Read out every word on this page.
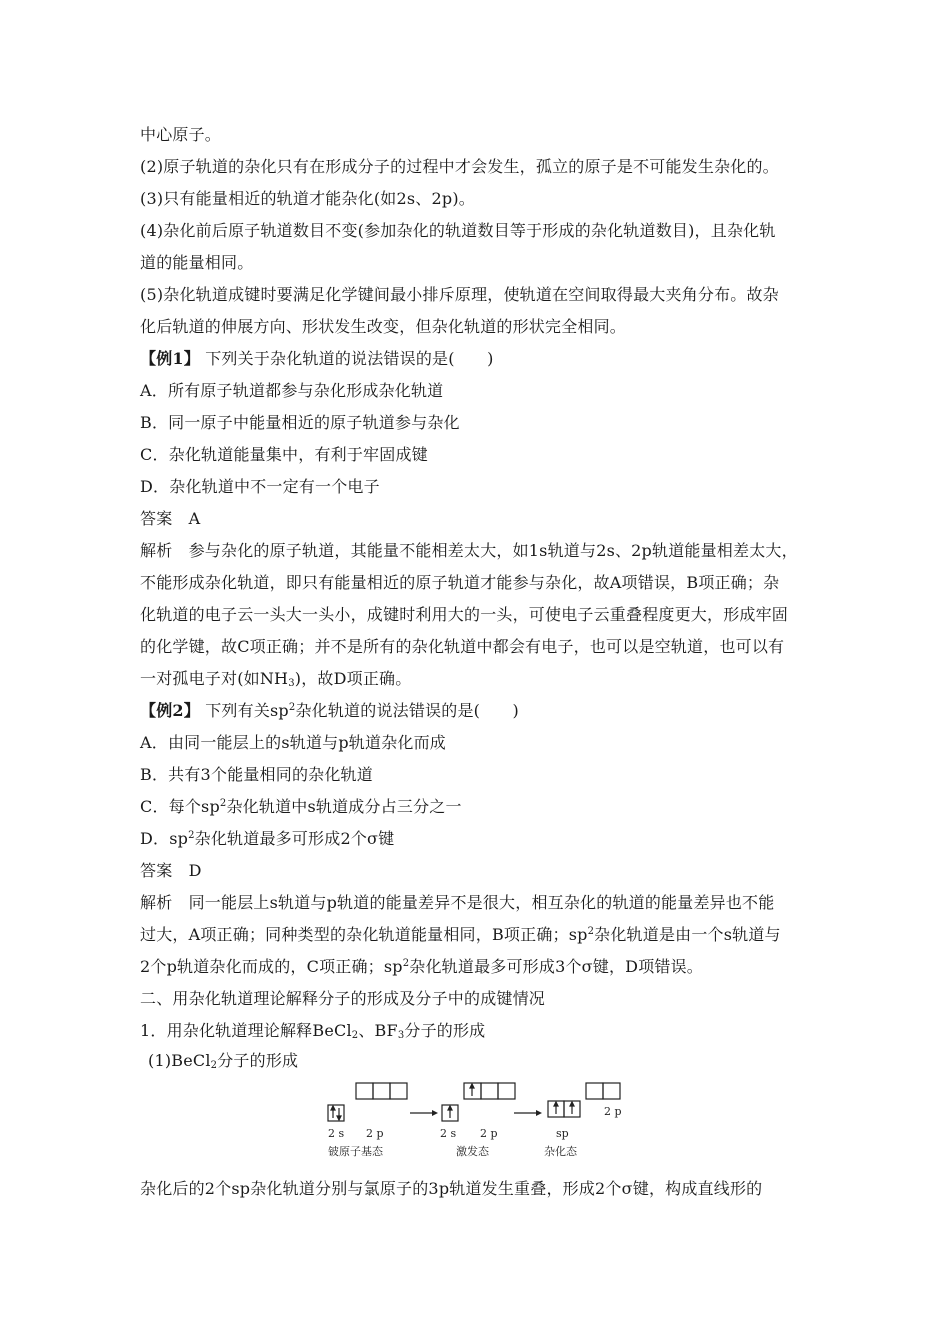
中心原子。
(2)原子轨道的杂化只有在形成分子的过程中才会发生，孤立的原子是不可能发生杂化的。
(3)只有能量相近的轨道才能杂化(如2s、2p)。
(4)杂化前后原子轨道数目不变(参加杂化的轨道数目等于形成的杂化轨道数目)，且杂化轨
道的能量相同。
(5)杂化轨道成键时要满足化学键间最小排斥原理，使轨道在空间取得最大夹角分布。故杂
化后轨道的伸展方向、形状发生改变，但杂化轨道的形状完全相同。
【例1】 下列关于杂化轨道的说法错误的是(　　)
A．所有原子轨道都参与杂化形成杂化轨道
B．同一原子中能量相近的原子轨道参与杂化
C．杂化轨道能量集中，有利于牢固成键
D．杂化轨道中不一定有一个电子
答案　A
解析　参与杂化的原子轨道，其能量不能相差太大，如1s轨道与2s、2p轨道能量相差太大，
不能形成杂化轨道，即只有能量相近的原子轨道才能参与杂化，故A项错误，B项正确；杂
化轨道的电子云一头大一头小，成键时利用大的一头，可使电子云重叠程度更大，形成牢固
的化学键，故C项正确；并不是所有的杂化轨道中都会有电子，也可以是空轨道，也可以有
一对孤电子对(如$NH_3$)，故D项正确。
【例2】 下列有关$sp^2$杂化轨道的说法错误的是(　　)
A．由同一能层上的s轨道与p轨道杂化而成
B．共有3个能量相同的杂化轨道
C．每个$sp^2$杂化轨道中s轨道成分占三分之一
D．$sp^2$杂化轨道最多可形成2个σ键
答案　D
解析　同一能层上s轨道与p轨道的能量差异不是很大，相互杂化的轨道的能量差异也不能
过大，A项正确；同种类型的杂化轨道能量相同，B项正确；$sp^2$杂化轨道是由一个s轨道与
2个p轨道杂化而成的，C项正确；$sp^2$杂化轨道最多可形成3个σ键，D项错误。
二、用杂化轨道理论解释分子的形成及分子中的成键情况
1．用杂化轨道理论解释BeCl$_2$、$BF_3$分子的形成
(1)BeCl$_2$分子的形成
2 s 2 p
铍原子基态
2 s 2 p
激发态
sp
2 p
杂化态
杂化后的2个sp杂化轨道分别与氯原子的3p轨道发生重叠，形成2个σ键，构成直线形的
